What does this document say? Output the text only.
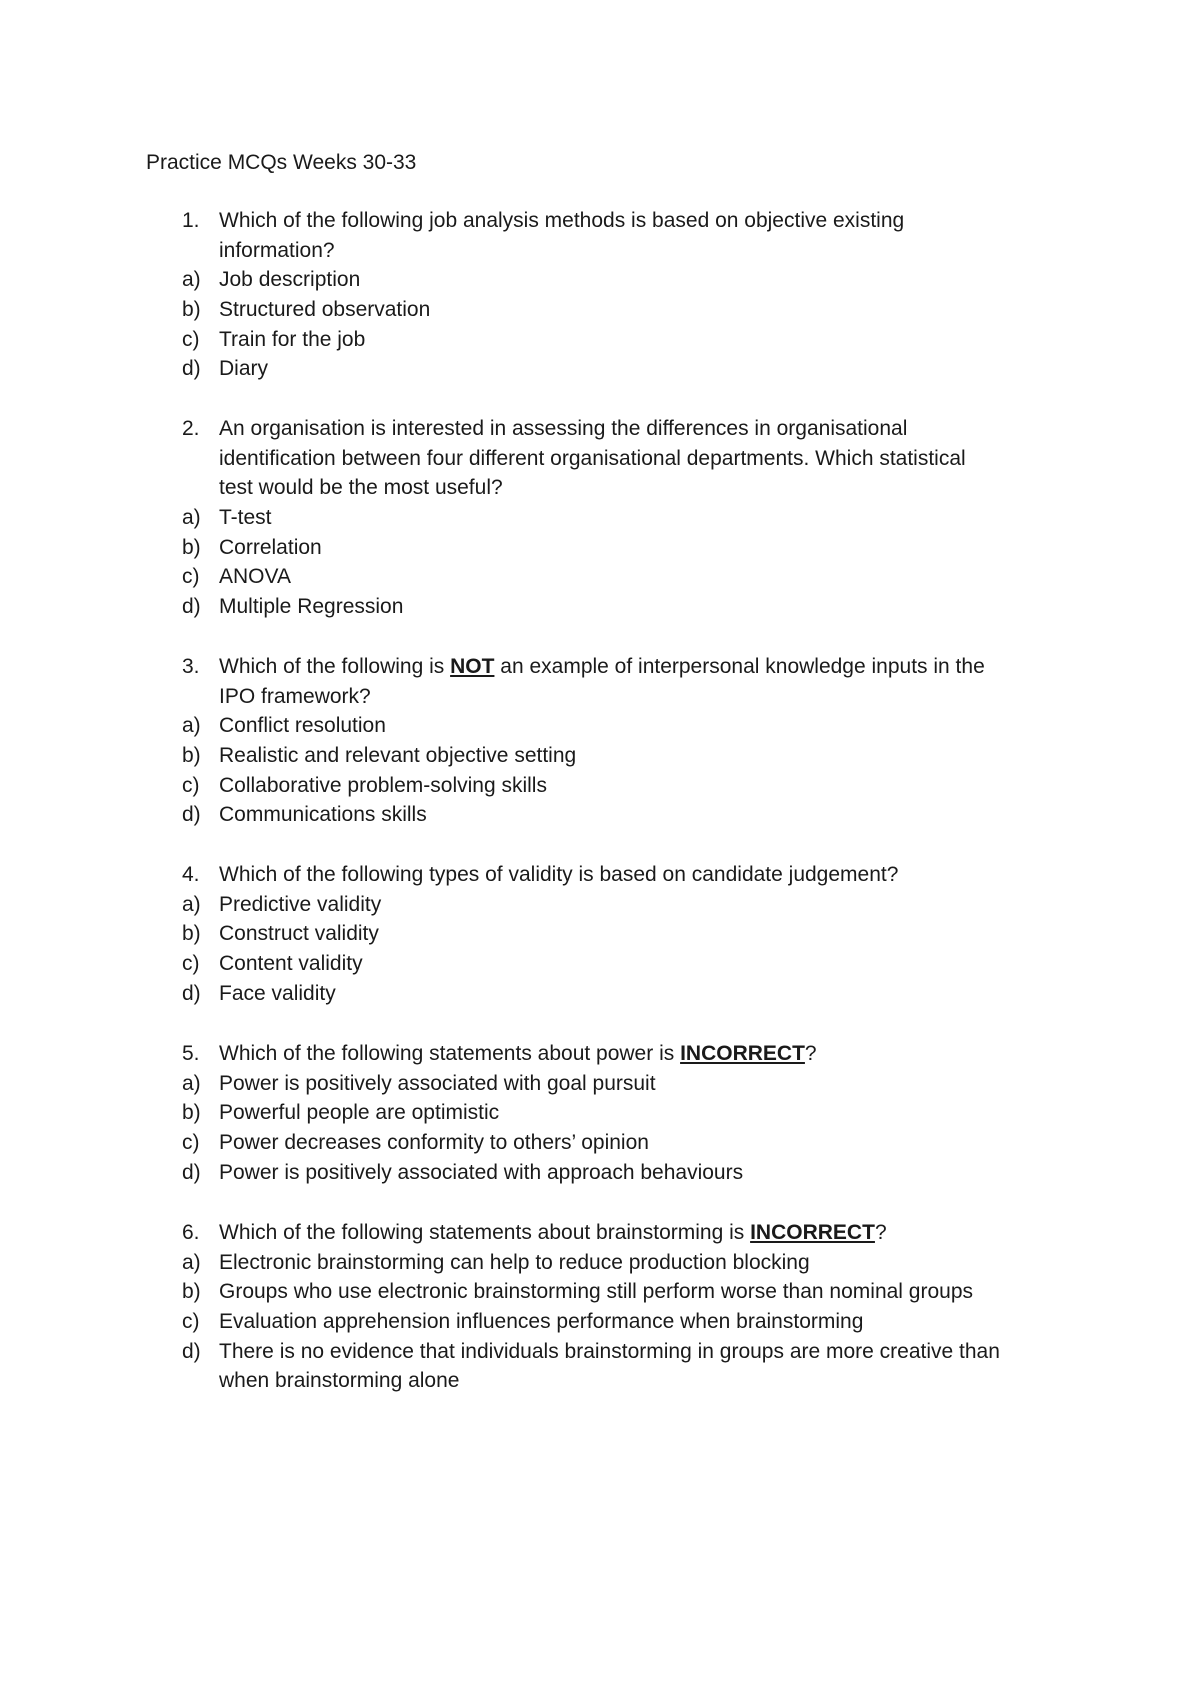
Practice MCQs Weeks 30-33
1. Which of the following job analysis methods is based on objective existing
information?
a) Job description
b) Structured observation
c) Train for the job
d) Diary
2. An organisation is interested in assessing the differences in organisational
identification between four different organisational departments. Which statistical
test would be the most useful?
a) T-test
b) Correlation
c) ANOVA
d) Multiple Regression
3. Which of the following is NOT an example of interpersonal knowledge inputs in the
IPO framework?
a) Conflict resolution
b) Realistic and relevant objective setting
c) Collaborative problem-solving skills
d) Communications skills
4. Which of the following types of validity is based on candidate judgement?
a) Predictive validity
b) Construct validity
c) Content validity
d) Face validity
5. Which of the following statements about power is INCORRECT?
a) Power is positively associated with goal pursuit
b) Powerful people are optimistic
c) Power decreases conformity to others’ opinion
d) Power is positively associated with approach behaviours
6. Which of the following statements about brainstorming is INCORRECT?
a) Electronic brainstorming can help to reduce production blocking
b) Groups who use electronic brainstorming still perform worse than nominal groups
c) Evaluation apprehension influences performance when brainstorming
d) There is no evidence that individuals brainstorming in groups are more creative than
when brainstorming alone
